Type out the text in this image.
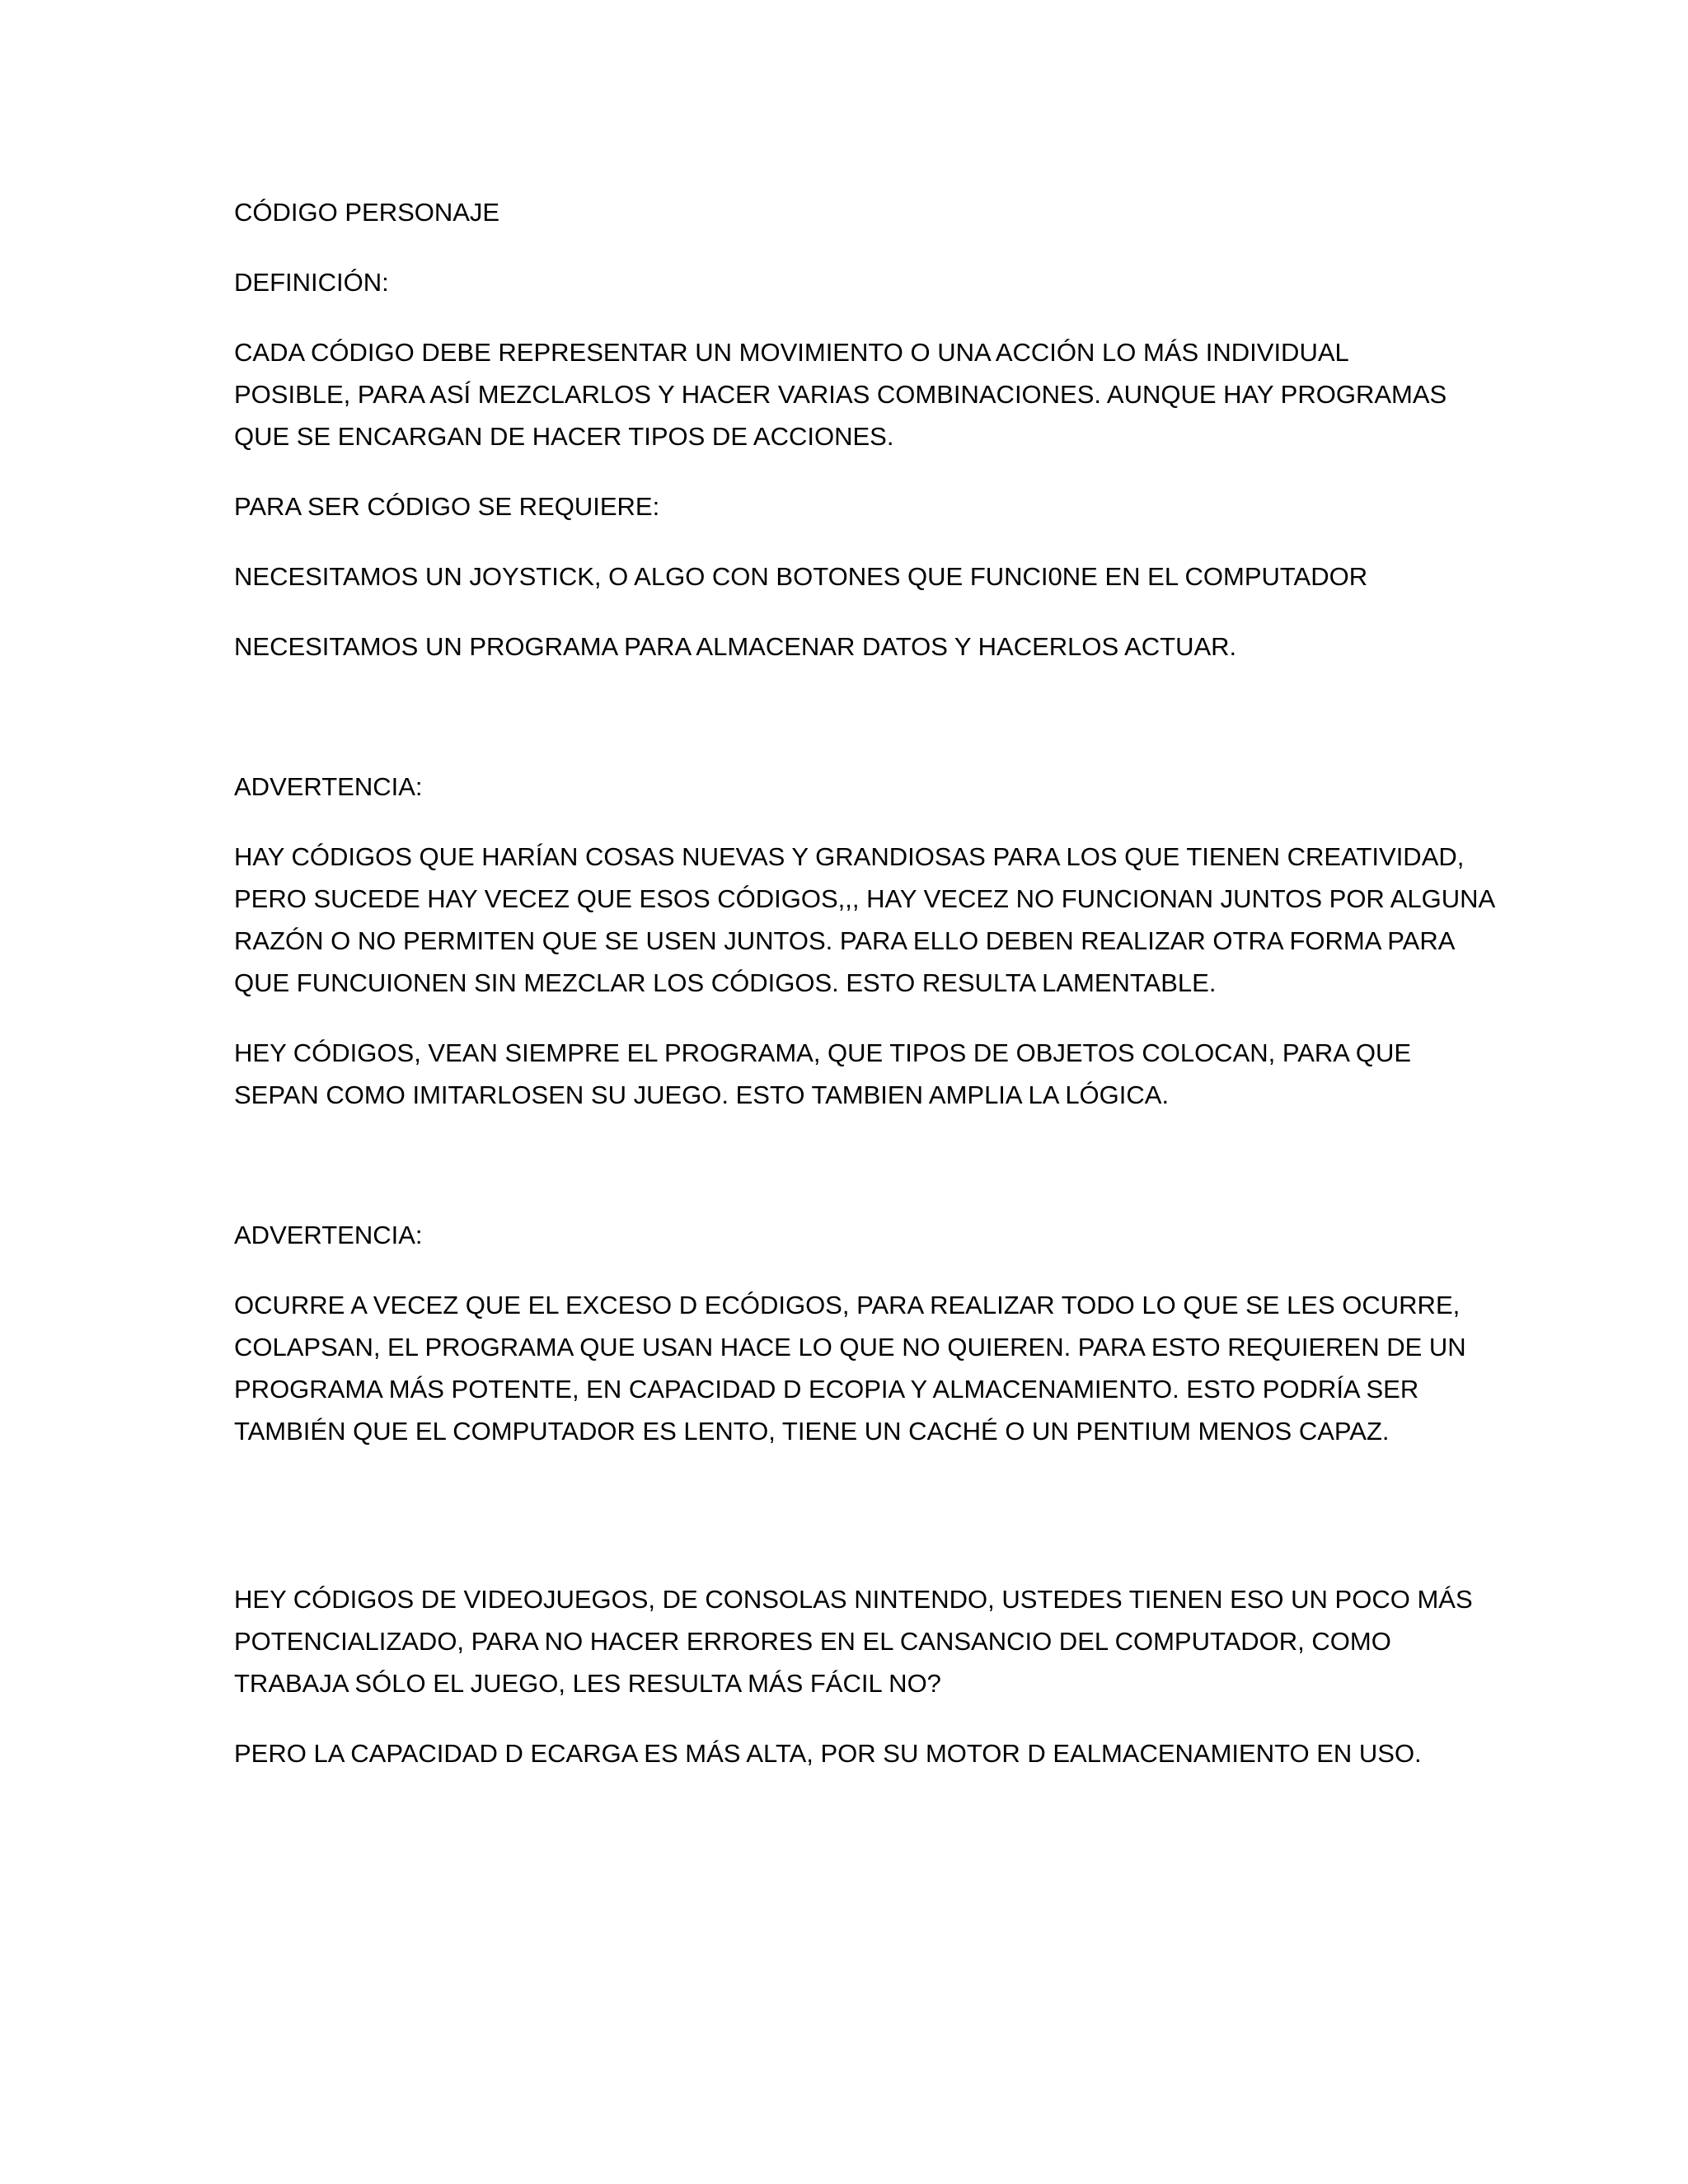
CÓDIGO PERSONAJE

DEFINICIÓN:

CADA CÓDIGO DEBE REPRESENTAR UN MOVIMIENTO O UNA ACCIÓN LO MÁS INDIVIDUAL
POSIBLE, PARA ASÍ MEZCLARLOS Y HACER VARIAS COMBINACIONES. AUNQUE HAY PROGRAMAS
QUE SE ENCARGAN DE HACER TIPOS DE ACCIONES.

PARA SER CÓDIGO SE REQUIERE:

NECESITAMOS UN JOYSTICK, O ALGO CON BOTONES QUE FUNCI0NE EN EL COMPUTADOR

NECESITAMOS UN PROGRAMA PARA ALMACENAR DATOS Y HACERLOS ACTUAR.

ADVERTENCIA:

HAY CÓDIGOS QUE HARÍAN COSAS NUEVAS Y GRANDIOSAS PARA LOS QUE TIENEN CREATIVIDAD,
PERO SUCEDE HAY VECEZ QUE ESOS CÓDIGOS,,, HAY VECEZ NO FUNCIONAN JUNTOS POR ALGUNA
RAZÓN O NO PERMITEN QUE SE USEN JUNTOS. PARA ELLO DEBEN REALIZAR OTRA FORMA PARA
QUE FUNCUIONEN SIN MEZCLAR LOS CÓDIGOS. ESTO RESULTA LAMENTABLE.

HEY CÓDIGOS, VEAN SIEMPRE EL PROGRAMA, QUE TIPOS DE OBJETOS COLOCAN, PARA QUE
SEPAN COMO IMITARLOSEN SU JUEGO. ESTO TAMBIEN AMPLIA LA LÓGICA.

ADVERTENCIA:

OCURRE A VECEZ QUE EL EXCESO D ECÓDIGOS, PARA REALIZAR TODO LO QUE SE LES OCURRE,
COLAPSAN, EL PROGRAMA QUE USAN HACE LO QUE NO QUIEREN. PARA ESTO REQUIEREN DE UN
PROGRAMA MÁS POTENTE, EN CAPACIDAD D ECOPIA Y ALMACENAMIENTO. ESTO PODRÍA SER
TAMBIÉN QUE EL COMPUTADOR ES LENTO, TIENE UN CACHÉ O UN PENTIUM MENOS CAPAZ.

HEY CÓDIGOS DE VIDEOJUEGOS, DE CONSOLAS NINTENDO, USTEDES TIENEN ESO UN POCO MÁS
POTENCIALIZADO, PARA NO HACER ERRORES EN EL CANSANCIO DEL COMPUTADOR, COMO
TRABAJA SÓLO EL JUEGO, LES RESULTA MÁS FÁCIL NO?

PERO LA CAPACIDAD D ECARGA ES MÁS ALTA, POR SU MOTOR D EALMACENAMIENTO EN USO.
